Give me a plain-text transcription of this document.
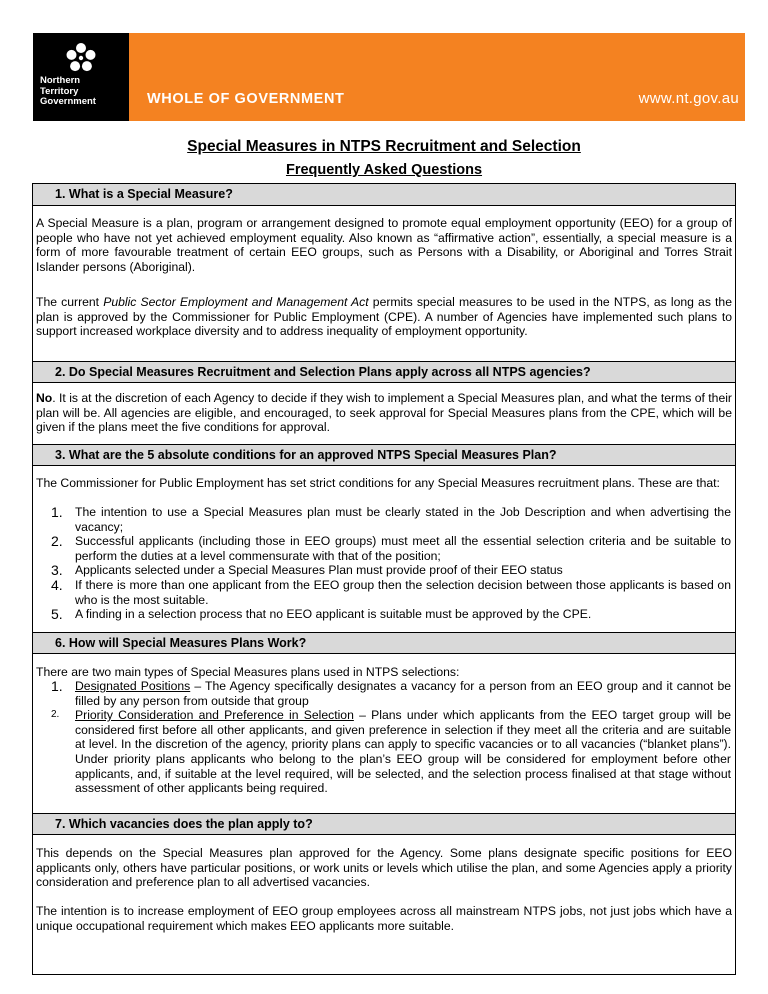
Northern
Territory
Government	WHOLE OF GOVERNMENT	www.nt.gov.au
Special Measures in NTPS Recruitment and Selection
Frequently Asked Questions
1. What is a Special Measure?
A Special Measure is a plan, program or arrangement designed to promote equal employment opportunity (EEO) for a group of people who have not yet achieved employment equality. Also known as “affirmative action”, essentially, a special measure is a form of more favourable treatment of certain EEO groups, such as Persons with a Disability, or Aboriginal and Torres Strait Islander persons (Aboriginal).
The current Public Sector Employment and Management Act permits special measures to be used in the NTPS, as long as the plan is approved by the Commissioner for Public Employment (CPE). A number of Agencies have implemented such plans to support increased workplace diversity and to address inequality of employment opportunity.
2. Do Special Measures Recruitment and Selection Plans apply across all NTPS agencies?
No. It is at the discretion of each Agency to decide if they wish to implement a Special Measures plan, and what the terms of their plan will be. All agencies are eligible, and encouraged, to seek approval for Special Measures plans from the CPE, which will be given if the plans meet the five conditions for approval.
3. What are the 5 absolute conditions for an approved NTPS Special Measures Plan?
The Commissioner for Public Employment has set strict conditions for any Special Measures recruitment plans. These are that:
1. The intention to use a Special Measures plan must be clearly stated in the Job Description and when advertising the vacancy;
2. Successful applicants (including those in EEO groups) must meet all the essential selection criteria and be suitable to perform the duties at a level commensurate with that of the position;
3. Applicants selected under a Special Measures Plan must provide proof of their EEO status
4. If there is more than one applicant from the EEO group then the selection decision between those applicants is based on who is the most suitable.
5. A finding in a selection process that no EEO applicant is suitable must be approved by the CPE.
6. How will Special Measures Plans Work?
There are two main types of Special Measures plans used in NTPS selections:
1. Designated Positions – The Agency specifically designates a vacancy for a person from an EEO group and it cannot be filled by any person from outside that group
2. Priority Consideration and Preference in Selection – Plans under which applicants from the EEO target group will be considered first before all other applicants, and given preference in selection if they meet all the criteria and are suitable at level. In the discretion of the agency, priority plans can apply to specific vacancies or to all vacancies (“blanket plans”). Under priority plans applicants who belong to the plan’s EEO group will be considered for employment before other applicants, and, if suitable at the level required, will be selected, and the selection process finalised at that stage without assessment of other applicants being required.
7. Which vacancies does the plan apply to?
This depends on the Special Measures plan approved for the Agency. Some plans designate specific positions for EEO applicants only, others have particular positions, or work units or levels which utilise the plan, and some Agencies apply a priority consideration and preference plan to all advertised vacancies.
The intention is to increase employment of EEO group employees across all mainstream NTPS jobs, not just jobs which have a unique occupational requirement which makes EEO applicants more suitable.
